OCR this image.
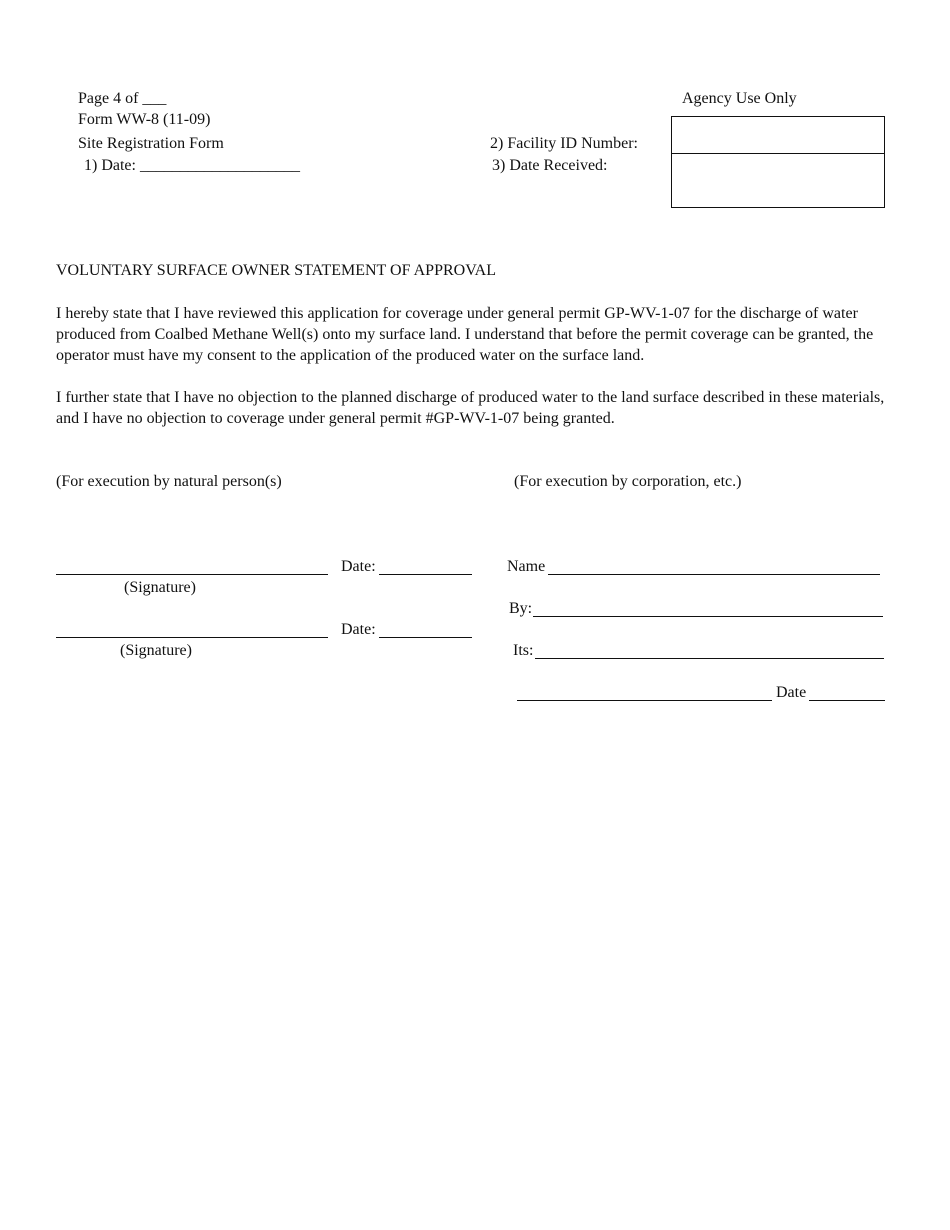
Page 4 of ___
Form WW-8 (11-09)
Site Registration Form
1) Date: ____________________
2) Facility ID Number:
3) Date Received:
Agency Use Only
VOLUNTARY SURFACE OWNER STATEMENT OF APPROVAL
I hereby state that I have reviewed this application for coverage under general permit GP-WV-1-07 for the discharge of water produced from Coalbed Methane Well(s) onto my surface land. I understand that before the permit coverage can be granted, the operator must have my consent to the application of the produced water on the surface land.
I further state that I have no objection to the planned discharge of produced water to the land surface described in these materials, and I have no objection to coverage under general permit #GP-WV-1-07 being granted.
(For execution by natural person(s)	(For execution by corporation, etc.)
Date:
(Signature)
Date:
(Signature)
Name
By:
Its:
Date
